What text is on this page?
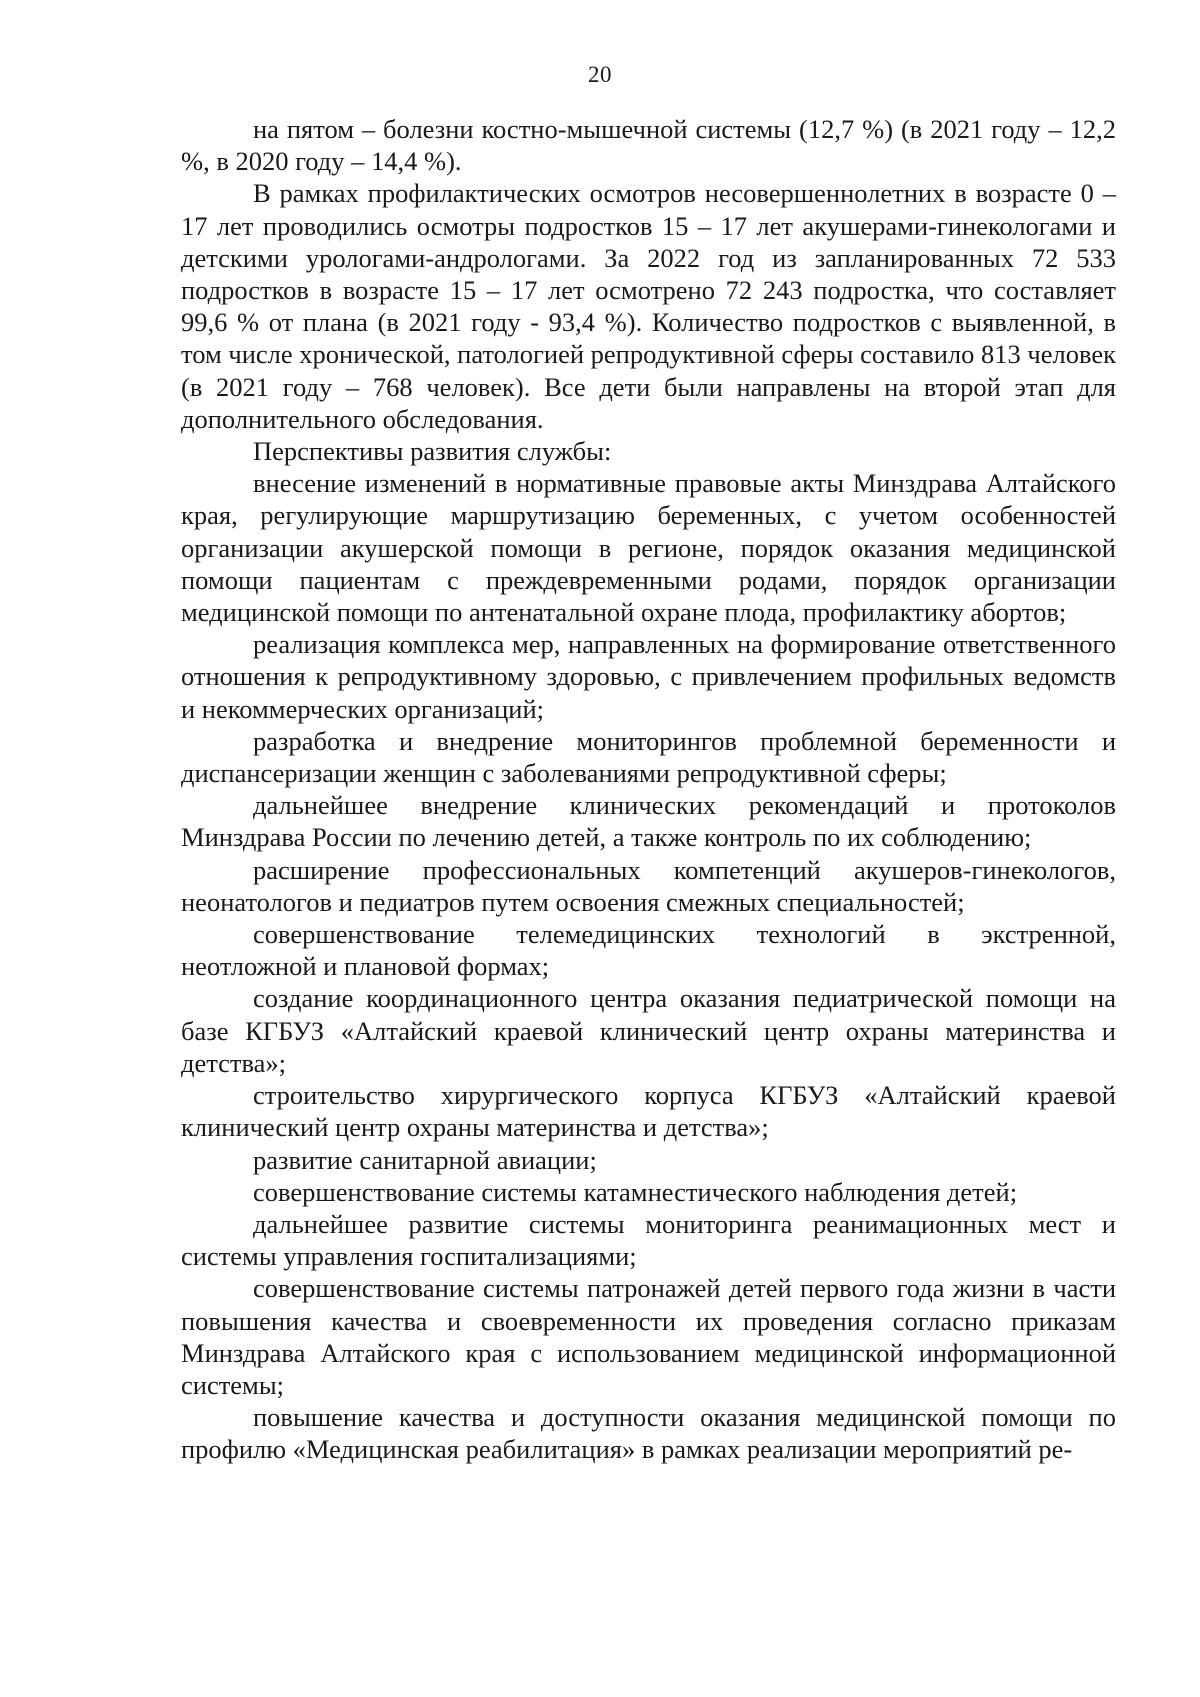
20

на пятом – болезни костно-мышечной системы (12,7 %) (в 2021 году – 12,2 %, в 2020 году – 14,4 %).

В рамках профилактических осмотров несовершеннолетних в возрасте 0 – 17 лет проводились осмотры подростков 15 – 17 лет акушерами-гинекологами и детскими урологами-андрологами. За 2022 год из запланированных 72 533 подростков в возрасте 15 – 17 лет осмотрено 72 243 подростка, что составляет 99,6 % от плана (в 2021 году - 93,4 %). Количество подростков с выявленной, в том числе хронической, патологией репродуктивной сферы составило 813 человек (в 2021 году – 768 человек). Все дети были направлены на второй этап для дополнительного обследования.

Перспективы развития службы:

внесение изменений в нормативные правовые акты Минздрава Алтайского края, регулирующие маршрутизацию беременных, с учетом особенностей организации акушерской помощи в регионе, порядок оказания медицинской помощи пациентам с преждевременными родами, порядок организации медицинской помощи по антенатальной охране плода, профилактику абортов;

реализация комплекса мер, направленных на формирование ответственного отношения к репродуктивному здоровью, с привлечением профильных ведомств и некоммерческих организаций;

разработка и внедрение мониторингов проблемной беременности и диспансеризации женщин с заболеваниями репродуктивной сферы;

дальнейшее внедрение клинических рекомендаций и протоколов Минздрава России по лечению детей, а также контроль по их соблюдению;

расширение профессиональных компетенций акушеров-гинекологов, неонатологов и педиатров путем освоения смежных специальностей;

совершенствование телемедицинских технологий в экстренной, неотложной и плановой формах;

создание координационного центра оказания педиатрической помощи на базе КГБУЗ «Алтайский краевой клинический центр охраны материнства и детства»;

строительство хирургического корпуса КГБУЗ «Алтайский краевой клинический центр охраны материнства и детства»;

развитие санитарной авиации;

совершенствование системы катамнестического наблюдения детей;

дальнейшее развитие системы мониторинга реанимационных мест и системы управления госпитализациями;

совершенствование системы патронажей детей первого года жизни в части повышения качества и своевременности их проведения согласно приказам Минздрава Алтайского края с использованием медицинской информационной системы;

повышение качества и доступности оказания медицинской помощи по профилю «Медицинская реабилитация» в рамках реализации мероприятий ре-
